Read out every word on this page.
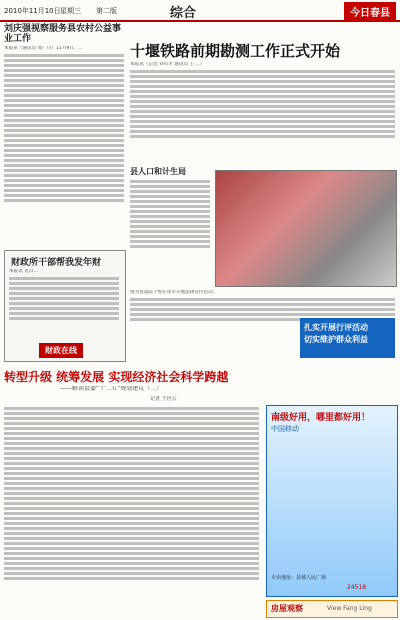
2010年11月10日 星期三 第二版	综合	今日春县
刘庆强视察服务县农村公益事业工作
本报讯（通讯员 周广川）11月9日，...
财政所干部帮我发年财
本报讯 近日…
财政在线
十堰铁路前期勘测工作正式开始
本报讯（记者 刘有才 通讯员 王 ...）
县人口和计生局
图为县法院干警在集市开展法律宣传活动。
扎实开展行评活动
切实维护群众利益
转型升级 统筹发展 实现经济社会科学跨越
——解读县委“十二五”规划建议（二）
记者 王世云
南级好用，哪里都好用！
中国移动
专卖地址：县城人民广场
24518
房屋观察	View Fang Ling
